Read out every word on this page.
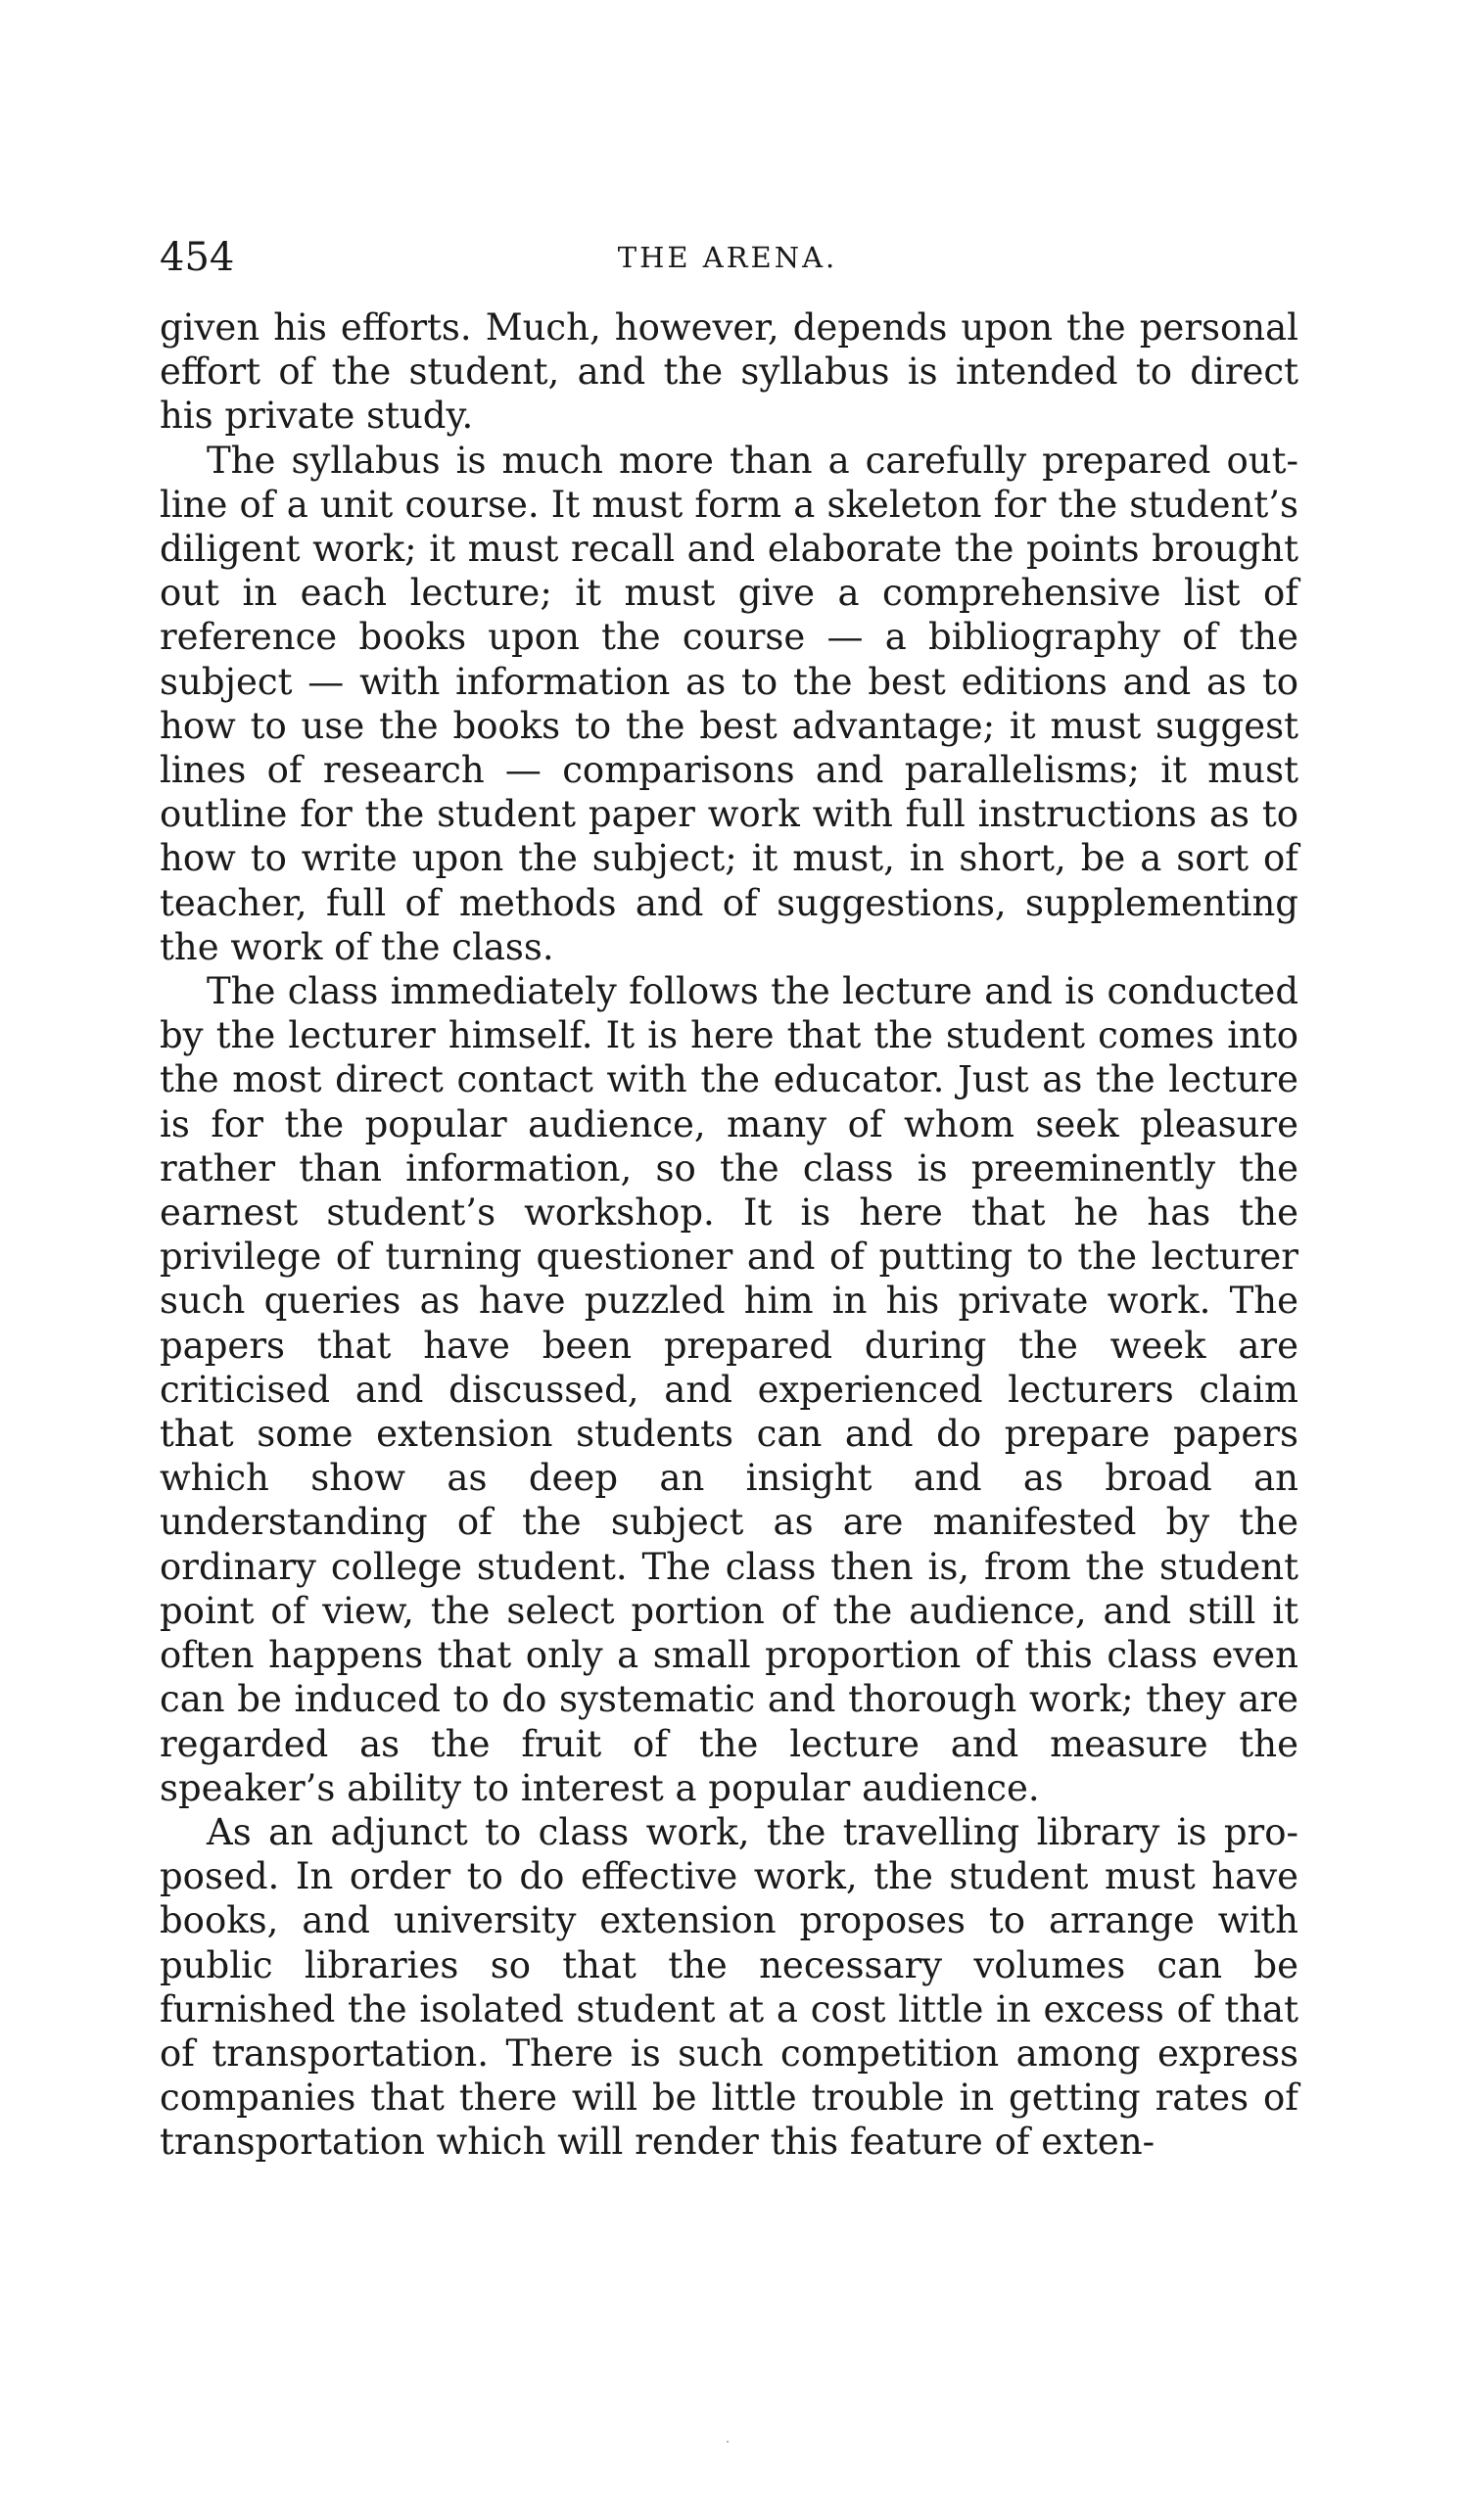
454	THE ARENA.

given his efforts. Much, however, depends upon the personal effort of the student, and the syllabus is intended to direct his private study.

The syllabus is much more than a carefully prepared outline of a unit course. It must form a skeleton for the student’s diligent work; it must recall and elaborate the points brought out in each lecture; it must give a comprehensive list of reference books upon the course — a bibliography of the subject — with information as to the best editions and as to how to use the books to the best advantage; it must suggest lines of research — comparisons and parallelisms; it must outline for the student paper work with full instructions as to how to write upon the subject; it must, in short, be a sort of teacher, full of methods and of suggestions, supplementing the work of the class.

The class immediately follows the lecture and is conducted by the lecturer himself. It is here that the student comes into the most direct contact with the educator. Just as the lecture is for the popular audience, many of whom seek pleasure rather than information, so the class is preeminently the earnest student’s workshop. It is here that he has the privilege of turning questioner and of putting to the lecturer such queries as have puzzled him in his private work. The papers that have been prepared during the week are criticised and discussed, and experienced lecturers claim that some extension students can and do prepare papers which show as deep an insight and as broad an understanding of the subject as are manifested by the ordinary college student. The class then is, from the student point of view, the select portion of the audience, and still it often happens that only a small proportion of this class even can be induced to do systematic and thorough work; they are regarded as the fruit of the lecture and measure the speaker’s ability to interest a popular audience.

As an adjunct to class work, the travelling library is proposed. In order to do effective work, the student must have books, and university extension proposes to arrange with public libraries so that the necessary volumes can be furnished the isolated student at a cost little in excess of that of transportation. There is such competition among express companies that there will be little trouble in getting rates of transportation which will render this feature of exten-
